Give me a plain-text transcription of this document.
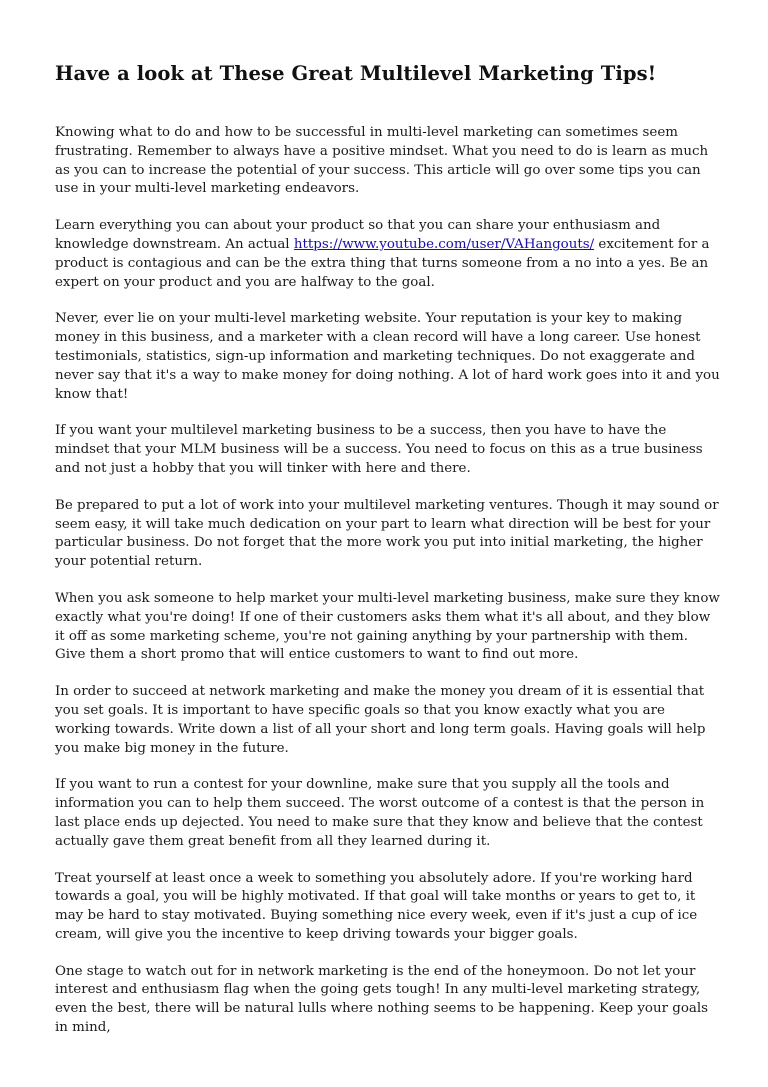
Have a look at These Great Multilevel Marketing Tips!

Knowing what to do and how to be successful in multi-level marketing can sometimes seem frustrating. Remember to always have a positive mindset. What you need to do is learn as much as you can to increase the potential of your success. This article will go over some tips you can use in your multi-level marketing endeavors.

Learn everything you can about your product so that you can share your enthusiasm and knowledge downstream. An actual https://www.youtube.com/user/VAHangouts/ excitement for a product is contagious and can be the extra thing that turns someone from a no into a yes. Be an expert on your product and you are halfway to the goal.

Never, ever lie on your multi-level marketing website. Your reputation is your key to making money in this business, and a marketer with a clean record will have a long career. Use honest testimonials, statistics, sign-up information and marketing techniques. Do not exaggerate and never say that it's a way to make money for doing nothing. A lot of hard work goes into it and you know that!

If you want your multilevel marketing business to be a success, then you have to have the mindset that your MLM business will be a success. You need to focus on this as a true business and not just a hobby that you will tinker with here and there.

Be prepared to put a lot of work into your multilevel marketing ventures. Though it may sound or seem easy, it will take much dedication on your part to learn what direction will be best for your particular business. Do not forget that the more work you put into initial marketing, the higher your potential return.

When you ask someone to help market your multi-level marketing business, make sure they know exactly what you're doing! If one of their customers asks them what it's all about, and they blow it off as some marketing scheme, you're not gaining anything by your partnership with them. Give them a short promo that will entice customers to want to find out more.

In order to succeed at network marketing and make the money you dream of it is essential that you set goals. It is important to have specific goals so that you know exactly what you are working towards. Write down a list of all your short and long term goals. Having goals will help you make big money in the future.

If you want to run a contest for your downline, make sure that you supply all the tools and information you can to help them succeed. The worst outcome of a contest is that the person in last place ends up dejected. You need to make sure that they know and believe that the contest actually gave them great benefit from all they learned during it.

Treat yourself at least once a week to something you absolutely adore. If you're working hard towards a goal, you will be highly motivated. If that goal will take months or years to get to, it may be hard to stay motivated. Buying something nice every week, even if it's just a cup of ice cream, will give you the incentive to keep driving towards your bigger goals.

One stage to watch out for in network marketing is the end of the honeymoon. Do not let your interest and enthusiasm flag when the going gets tough! In any multi-level marketing strategy, even the best, there will be natural lulls where nothing seems to be happening. Keep your goals in mind,
